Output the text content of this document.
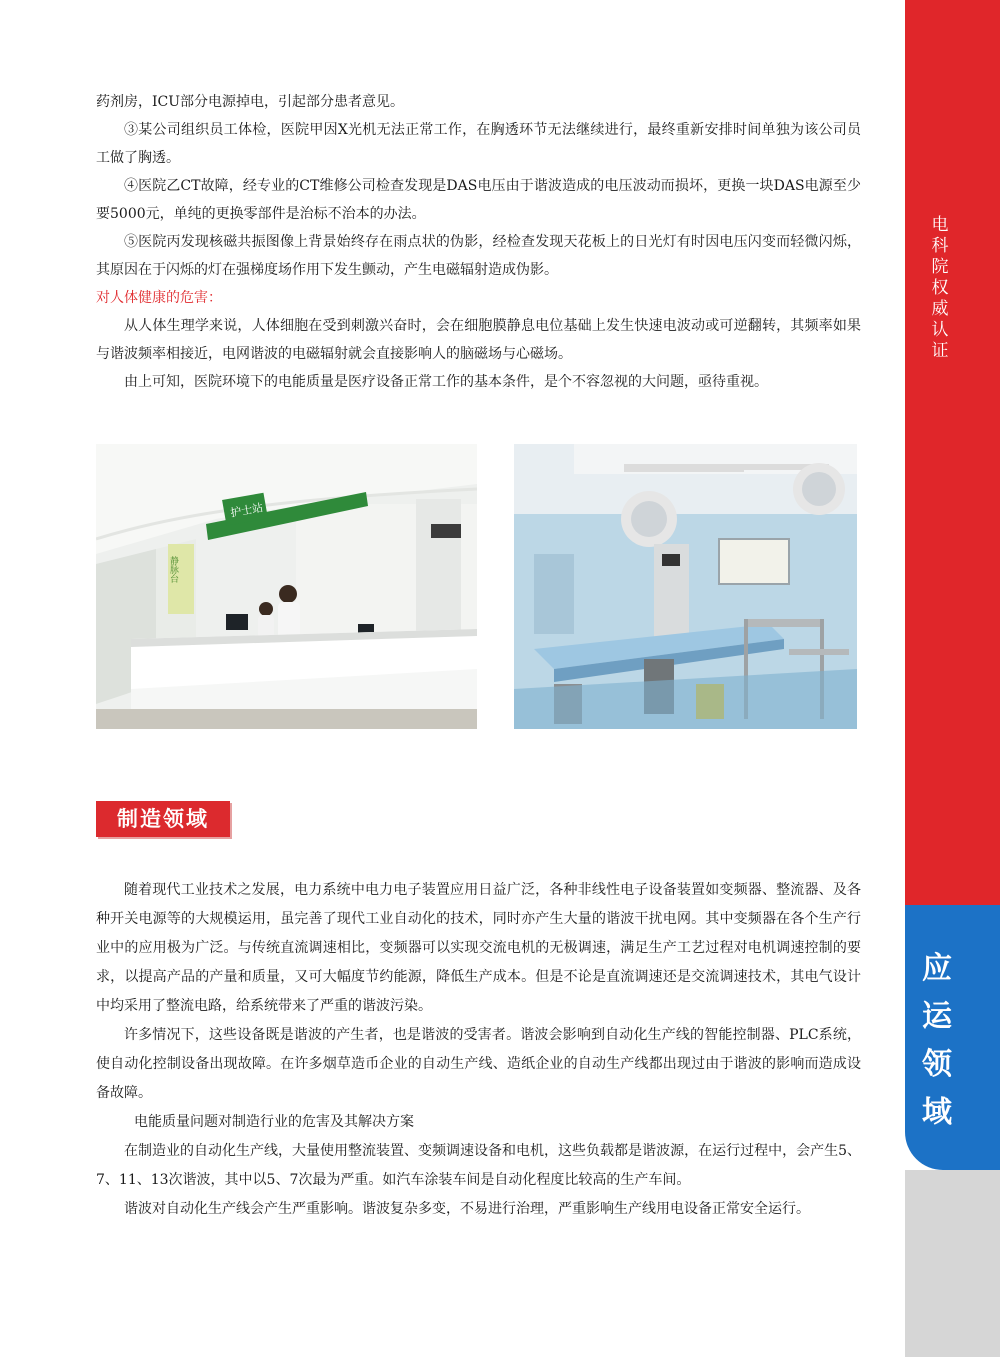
电科院权威认证
应运领域

药剂房，ICU部分电源掉电，引起部分患者意见。

③某公司组织员工体检，医院甲因X光机无法正常工作，在胸透环节无法继续进行，最终重新安排时间单独为该公司员工做了胸透。

④医院乙CT故障，经专业的CT维修公司检查发现是DAS电压由于谐波造成的电压波动而损坏，更换一块DAS电源至少要5000元，单纯的更换零部件是治标不治本的办法。

⑤医院丙发现核磁共振图像上背景始终存在雨点状的伪影，经检查发现天花板上的日光灯有时因电压闪变而轻微闪烁，其原因在于闪烁的灯在强梯度场作用下发生颤动，产生电磁辐射造成伪影。

对人体健康的危害：

从人体生理学来说，人体细胞在受到刺激兴奋时，会在细胞膜静息电位基础上发生快速电波动或可逆翻转，其频率如果与谐波频率相接近，电网谐波的电磁辐射就会直接影响人的脑磁场与心磁场。

由上可知，医院环境下的电能质量是医疗设备正常工作的基本条件，是个不容忽视的大问题，亟待重视。

护士站
静脉台
制造领域

随着现代工业技术之发展，电力系统中电力电子装置应用日益广泛，各种非线性电子设备装置如变频器、整流器、及各种开关电源等的大规模运用，虽完善了现代工业自动化的技术，同时亦产生大量的谐波干扰电网。其中变频器在各个生产行业中的应用极为广泛。与传统直流调速相比，变频器可以实现交流电机的无极调速，满足生产工艺过程对电机调速控制的要求，以提高产品的产量和质量，又可大幅度节约能源，降低生产成本。但是不论是直流调速还是交流调速技术，其电气设计中均采用了整流电路，给系统带来了严重的谐波污染。

许多情况下，这些设备既是谐波的产生者，也是谐波的受害者。谐波会影响到自动化生产线的智能控制器、PLC系统，使自动化控制设备出现故障。在许多烟草造币企业的自动生产线、造纸企业的自动生产线都出现过由于谐波的影响而造成设备故障。

电能质量问题对制造行业的危害及其解决方案

在制造业的自动化生产线，大量使用整流装置、变频调速设备和电机，这些负载都是谐波源，在运行过程中，会产生5、7、11、13次谐波，其中以5、7次最为严重。如汽车涂装车间是自动化程度比较高的生产车间。

谐波对自动化生产线会产生严重影响。谐波复杂多变，不易进行治理，严重影响生产线用电设备正常安全运行。
